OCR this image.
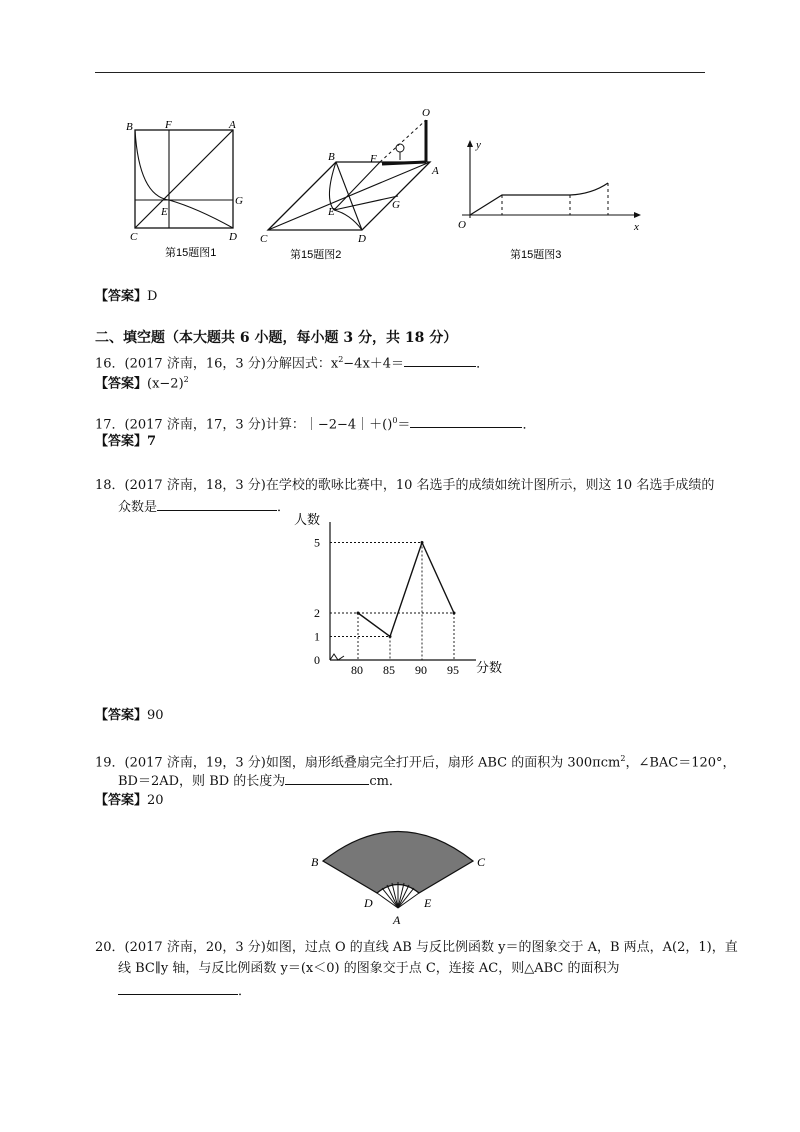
B	F	A
E
G
C	D
第15题图1
O
B	F
A
E
G
C	D
第15题图2
y
x
O
第15题图3
【答案】D
二、填空题（本大题共 6 小题，每小题 3 分，共 18 分）
16．(2017 济南，16，3 分)分解因式：$x^2-4x+4=$	．
【答案】$(x-2)^2$
17．(2017 济南，17，3 分)计算：｜−2−4｜＋()$^0$＝	．
【答案】7
18．(2017 济南，18，3 分)在学校的歌咏比赛中，10 名选手的成绩如统计图所示，则这 10 名选手成绩的
众数是	．
人数
分数
80 85 90 95
0
1
2
5
【答案】90
19．(2017 济南，19，3 分)如图，扇形纸叠扇完全打开后，扇形 ABC 的面积为 300πcm$^2$，∠BAC＝120°，
BD＝2AD，则 BD 的长度为	cm．
【答案】20
B	C
D	E
A
20．(2017 济南，20，3 分)如图，过点 O 的直线 AB 与反比例函数 y＝的图象交于 A，B 两点，A(2，1)，直
线 BC∥y 轴，与反比例函数 y＝(x＜0) 的图象交于点 C，连接 AC，则△ABC 的面积为
．
